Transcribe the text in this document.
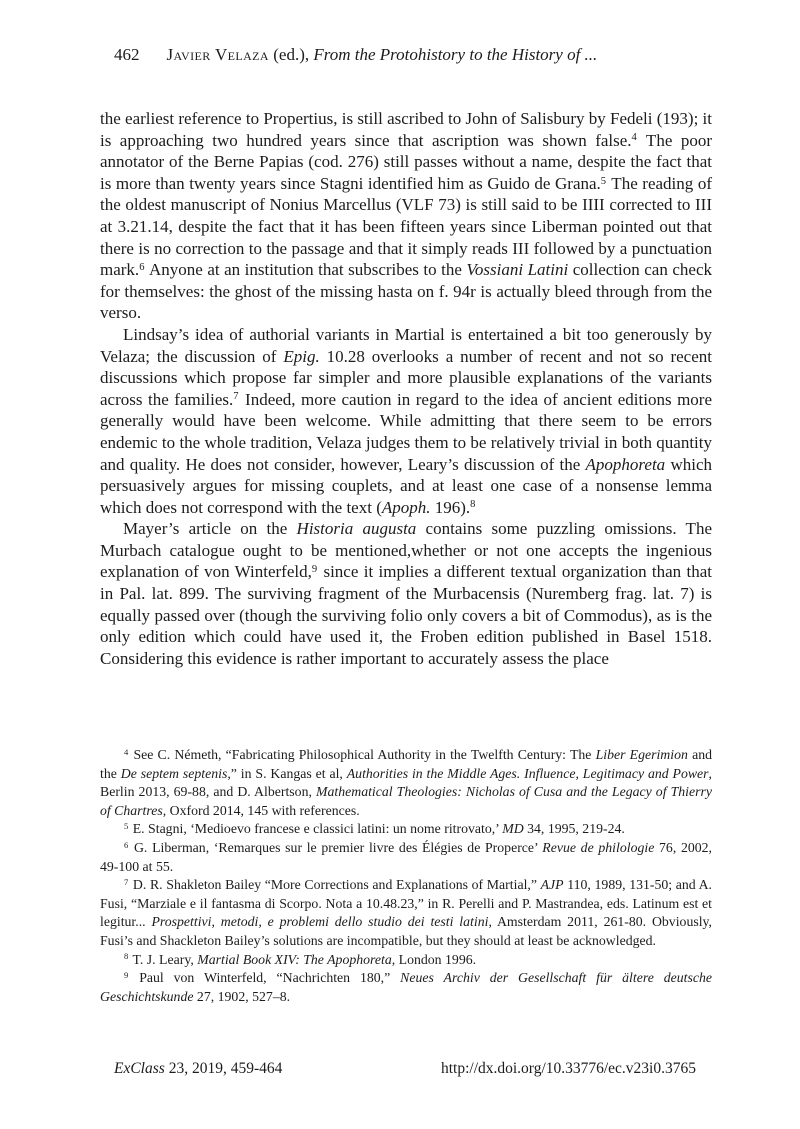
462 Javier Velaza (ed.), From the Protohistory to the History of ...

the earliest reference to Propertius, is still ascribed to John of Salisbury by Fedeli (193); it is approaching two hundred years since that ascription was shown false.$^4$ The poor annotator of the Berne Papias (cod. 276) still passes without a name, despite the fact that is more than twenty years since Stagni identified him as Guido de Grana.$^5$ The reading of the oldest manuscript of Nonius Marcellus (VLF 73) is still said to be IIII corrected to III at 3.21.14, despite the fact that it has been fifteen years since Liberman pointed out that there is no correction to the passage and that it simply reads III followed by a punctuation mark.$^6$ Anyone at an institution that subscribes to the Vossiani Latini collection can check for themselves: the ghost of the missing hasta on f. 94r is actually bleed through from the verso.

Lindsay’s idea of authorial variants in Martial is entertained a bit too generously by Velaza; the discussion of Epig. 10.28 overlooks a number of recent and not so recent discussions which propose far simpler and more plausible explanations of the variants across the families.$^7$ Indeed, more caution in regard to the idea of ancient editions more generally would have been welcome. While admitting that there seem to be errors endemic to the whole tradition, Velaza judges them to be relatively trivial in both quantity and quality. He does not consider, however, Leary’s discussion of the Apophoreta which persuasively argues for missing couplets, and at least one case of a nonsense lemma which does not correspond with the text (Apoph. 196).$^8$

Mayer’s article on the Historia augusta contains some puzzling omissions. The Murbach catalogue ought to be mentioned,whether or not one accepts the ingenious explanation of von Winterfeld,$^9$ since it implies a different textual organization than that in Pal. lat. 899. The surviving fragment of the Murbacensis (Nuremberg frag. lat. 7) is equally passed over (though the surviving folio only covers a bit of Commodus), as is the only edition which could have used it, the Froben edition published in Basel 1518. Considering this evidence is rather important to accurately assess the place

$^4$ See C. Németh, “Fabricating Philosophical Authority in the Twelfth Century: The Liber Egerimion and the De septem septenis,” in S. Kangas et al, Authorities in the Middle Ages. Influence, Legitimacy and Power, Berlin 2013, 69-88, and D. Albertson, Mathematical Theologies: Nicholas of Cusa and the Legacy of Thierry of Chartres, Oxford 2014, 145 with references.

$^5$ E. Stagni, ‘Medioevo francese e classici latini: un nome ritrovato,’ MD 34, 1995, 219-24.

$^6$ G. Liberman, ‘Remarques sur le premier livre des Élégies de Properce’ Revue de philologie 76, 2002, 49-100 at 55.

$^7$ D. R. Shakleton Bailey “More Corrections and Explanations of Martial,” AJP 110, 1989, 131-50; and A. Fusi, “Marziale e il fantasma di Scorpo. Nota a 10.48.23,” in R. Perelli and P. Mastrandea, eds. Latinum est et legitur... Prospettivi, metodi, e problemi dello studio dei testi latini, Amsterdam 2011, 261-80. Obviously, Fusi’s and Shackleton Bailey’s solutions are incompatible, but they should at least be acknowledged.

$^8$ T. J. Leary, Martial Book XIV: The Apophoreta, London 1996.

$^9$ Paul von Winterfeld, “Nachrichten 180,” Neues Archiv der Gesellschaft für ältere deutsche Geschichtskunde 27, 1902, 527–8.

ExClass 23, 2019, 459-464	http://dx.doi.org/10.33776/ec.v23i0.3765
